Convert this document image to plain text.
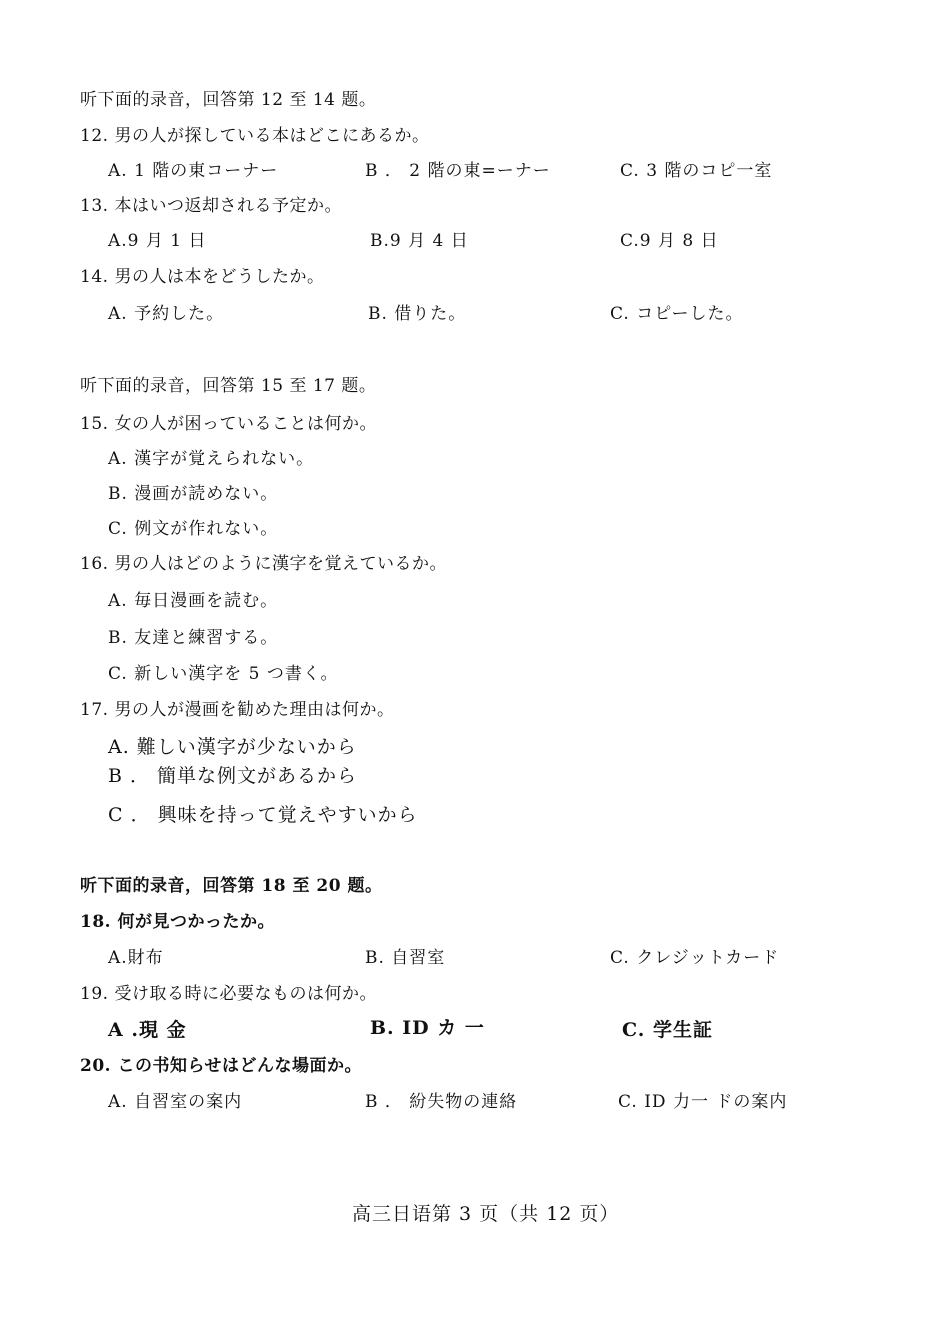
听下面的录音，回答第 12 至 14 题。
12. 男の人が探している本はどこにあるか。
A. 1 階の東コーナー	B ． 2 階の東=ーナー	C. 3 階のコピ一室
13. 本はいつ返却される予定か。
A.9 月 1 日	B.9 月 4 日	C.9 月 8 日
14. 男の人は本をどうしたか。
A. 予約した。	B. 借りた。	C. コピーした。
听下面的录音，回答第 15 至 17 题。
15. 女の人が困っていることは何か。
A. 漢字が覚えられない。
B. 漫画が読めない。
C. 例文が作れない。
16. 男の人はどのように漢字を覚えているか。
A. 毎日漫画を読む。
B. 友達と練習する。
C. 新しい漢字を 5 つ書く。
17. 男の人が漫画を勧めた理由は何か。
A. 難しい漢字が少ないから
B ． 簡単な例文があるから
C ． 興味を持って覚えやすいから
听下面的录音，回答第 18 至 20 题。
18. 何が見つかったか。
A.財布	B. 自習室	C. クレジットカード
19. 受け取る時に必要なものは何か。
A .現 金	B. ID カ 一	C. 学生証
20. この书知らせはどんな場面か。
A. 自習室の案内	B ． 紛失物の連絡	C. ID 力一 ドの案内
高三日语第 3 页（共 12 页）
